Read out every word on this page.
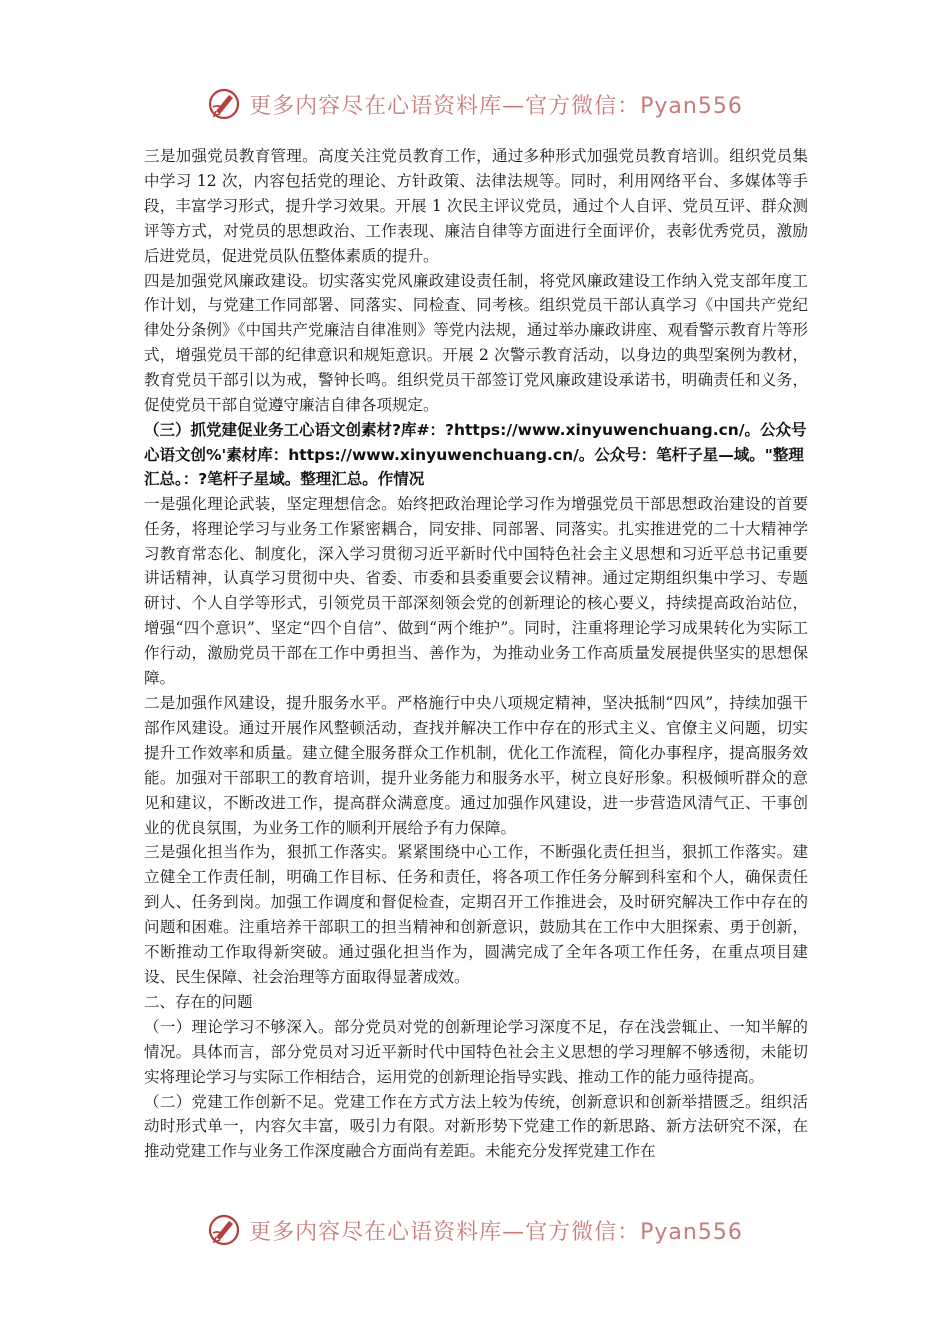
更多内容尽在心语资料库—官方微信：Pyan556

三是加强党员教育管理。高度关注党员教育工作，通过多种形式加强党员教育培训。组织党员集中学习 12 次，内容包括党的理论、方针政策、法律法规等。同时，利用网络平台、多媒体等手段，丰富学习形式，提升学习效果。开展 1 次民主评议党员，通过个人自评、党员互评、群众测评等方式，对党员的思想政治、工作表现、廉洁自律等方面进行全面评价，表彰优秀党员，激励后进党员，促进党员队伍整体素质的提升。

四是加强党风廉政建设。切实落实党风廉政建设责任制，将党风廉政建设工作纳入党支部年度工作计划，与党建工作同部署、同落实、同检查、同考核。组织党员干部认真学习《中国共产党纪律处分条例》《中国共产党廉洁自律准则》等党内法规，通过举办廉政讲座、观看警示教育片等形式，增强党员干部的纪律意识和规矩意识。开展 2 次警示教育活动，以身边的典型案例为教材，教育党员干部引以为戒，警钟长鸣。组织党员干部签订党风廉政建设承诺书，明确责任和义务，促使党员干部自觉遵守廉洁自律各项规定。

（三）抓党建促业务工心语文创素材?库#：?https://www.xinyuwenchuang.cn/。公众号心语文创%'素材库：https://www.xinyuwenchuang.cn/。公众号：笔杆子星—域。"整理汇总。：?笔杆子星域。整理汇总。作情况

一是强化理论武装，坚定理想信念。始终把政治理论学习作为增强党员干部思想政治建设的首要任务，将理论学习与业务工作紧密耦合，同安排、同部署、同落实。扎实推进党的二十大精神学习教育常态化、制度化，深入学习贯彻习近平新时代中国特色社会主义思想和习近平总书记重要讲话精神，认真学习贯彻中央、省委、市委和县委重要会议精神。通过定期组织集中学习、专题研讨、个人自学等形式，引领党员干部深刻领会党的创新理论的核心要义，持续提高政治站位，增强“四个意识”、坚定“四个自信”、做到“两个维护”。同时，注重将理论学习成果转化为实际工作行动，激励党员干部在工作中勇担当、善作为，为推动业务工作高质量发展提供坚实的思想保障。

二是加强作风建设，提升服务水平。严格施行中央八项规定精神，坚决抵制“四风”，持续加强干部作风建设。通过开展作风整顿活动，查找并解决工作中存在的形式主义、官僚主义问题，切实提升工作效率和质量。建立健全服务群众工作机制，优化工作流程，简化办事程序，提高服务效能。加强对干部职工的教育培训，提升业务能力和服务水平，树立良好形象。积极倾听群众的意见和建议，不断改进工作，提高群众满意度。通过加强作风建设，进一步营造风清气正、干事创业的优良氛围，为业务工作的顺利开展给予有力保障。

三是强化担当作为，狠抓工作落实。紧紧围绕中心工作，不断强化责任担当，狠抓工作落实。建立健全工作责任制，明确工作目标、任务和责任，将各项工作任务分解到科室和个人，确保责任到人、任务到岗。加强工作调度和督促检查，定期召开工作推进会，及时研究解决工作中存在的问题和困难。注重培养干部职工的担当精神和创新意识，鼓励其在工作中大胆探索、勇于创新，不断推动工作取得新突破。通过强化担当作为，圆满完成了全年各项工作任务，在重点项目建设、民生保障、社会治理等方面取得显著成效。

二、存在的问题

（一）理论学习不够深入。部分党员对党的创新理论学习深度不足，存在浅尝辄止、一知半解的情况。具体而言，部分党员对习近平新时代中国特色社会主义思想的学习理解不够透彻，未能切实将理论学习与实际工作相结合，运用党的创新理论指导实践、推动工作的能力亟待提高。

（二）党建工作创新不足。党建工作在方式方法上较为传统，创新意识和创新举措匮乏。组织活动时形式单一，内容欠丰富，吸引力有限。对新形势下党建工作的新思路、新方法研究不深，在推动党建工作与业务工作深度融合方面尚有差距。未能充分发挥党建工作在

更多内容尽在心语资料库—官方微信：Pyan556
